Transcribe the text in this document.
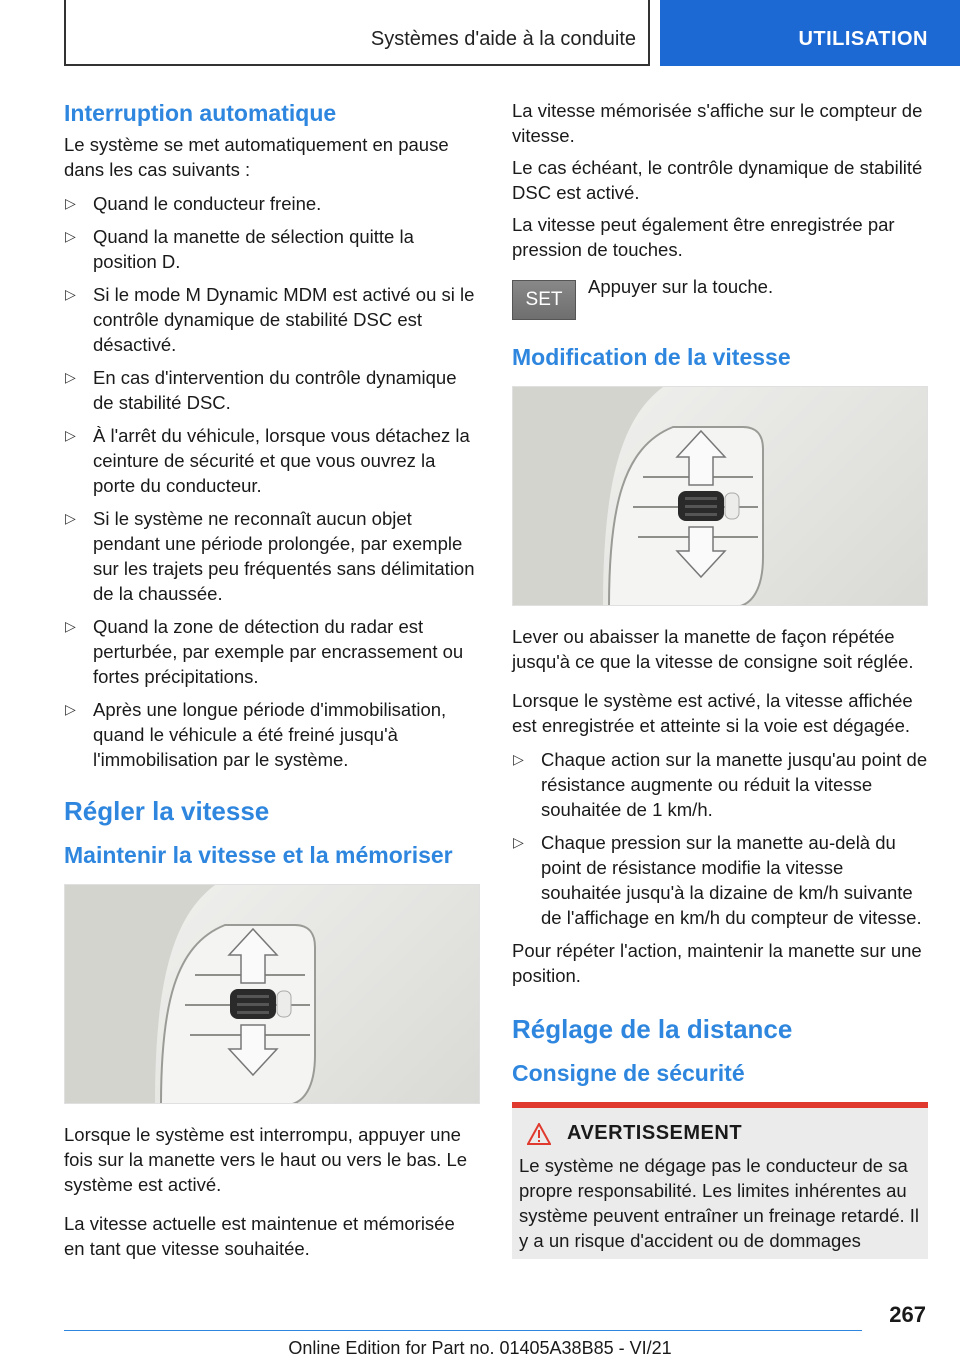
Systèmes d'aide à la conduite	UTILISATION
Interruption automatique

Le système se met automatiquement en pause dans les cas suivants :

▷ Quand le conducteur freine.
▷ Quand la manette de sélection quitte la position D.
▷ Si le mode M Dynamic MDM est activé ou si le contrôle dynamique de stabilité DSC est désactivé.
▷ En cas d'intervention du contrôle dynamique de stabilité DSC.
▷ À l'arrêt du véhicule, lorsque vous détachez la ceinture de sécurité et que vous ouvrez la porte du conducteur.
▷ Si le système ne reconnaît aucun objet pendant une période prolongée, par exemple sur les trajets peu fréquentés sans délimitation de la chaussée.
▷ Quand la zone de détection du radar est perturbée, par exemple par encrassement ou fortes précipitations.
▷ Après une longue période d'immobilisation, quand le véhicule a été freiné jusqu'à l'immobilisation par le système.
Régler la vitesse
Maintenir la vitesse et la mémoriser

Lorsque le système est interrompu, appuyer une fois sur la manette vers le haut ou vers le bas. Le système est activé.

La vitesse actuelle est maintenue et mémorisée en tant que vitesse souhaitée.

La vitesse mémorisée s'affiche sur le compteur de vitesse.

Le cas échéant, le contrôle dynamique de stabilité DSC est activé.

La vitesse peut également être enregistrée par pression de touches.

SET
Appuyer sur la touche.
Modification de la vitesse

Lever ou abaisser la manette de façon répétée jusqu'à ce que la vitesse de consigne soit réglée.

Lorsque le système est activé, la vitesse affichée est enregistrée et atteinte si la voie est dégagée.

▷ Chaque action sur la manette jusqu'au point de résistance augmente ou réduit la vitesse souhaitée de 1 km/h.
▷ Chaque pression sur la manette au-delà du point de résistance modifie la vitesse souhaitée jusqu'à la dizaine de km/h suivante de l'affichage en km/h du compteur de vitesse.

Pour répéter l'action, maintenir la manette sur une position.

Réglage de la distance
Consigne de sécurité
AVERTISSEMENT

Le système ne dégage pas le conducteur de sa propre responsabilité. Les limites inhérentes au système peuvent entraîner un freinage retardé. Il y a un risque d'accident ou de dommages

267
Online Edition for Part no. 01405A38B85 - VI/21
